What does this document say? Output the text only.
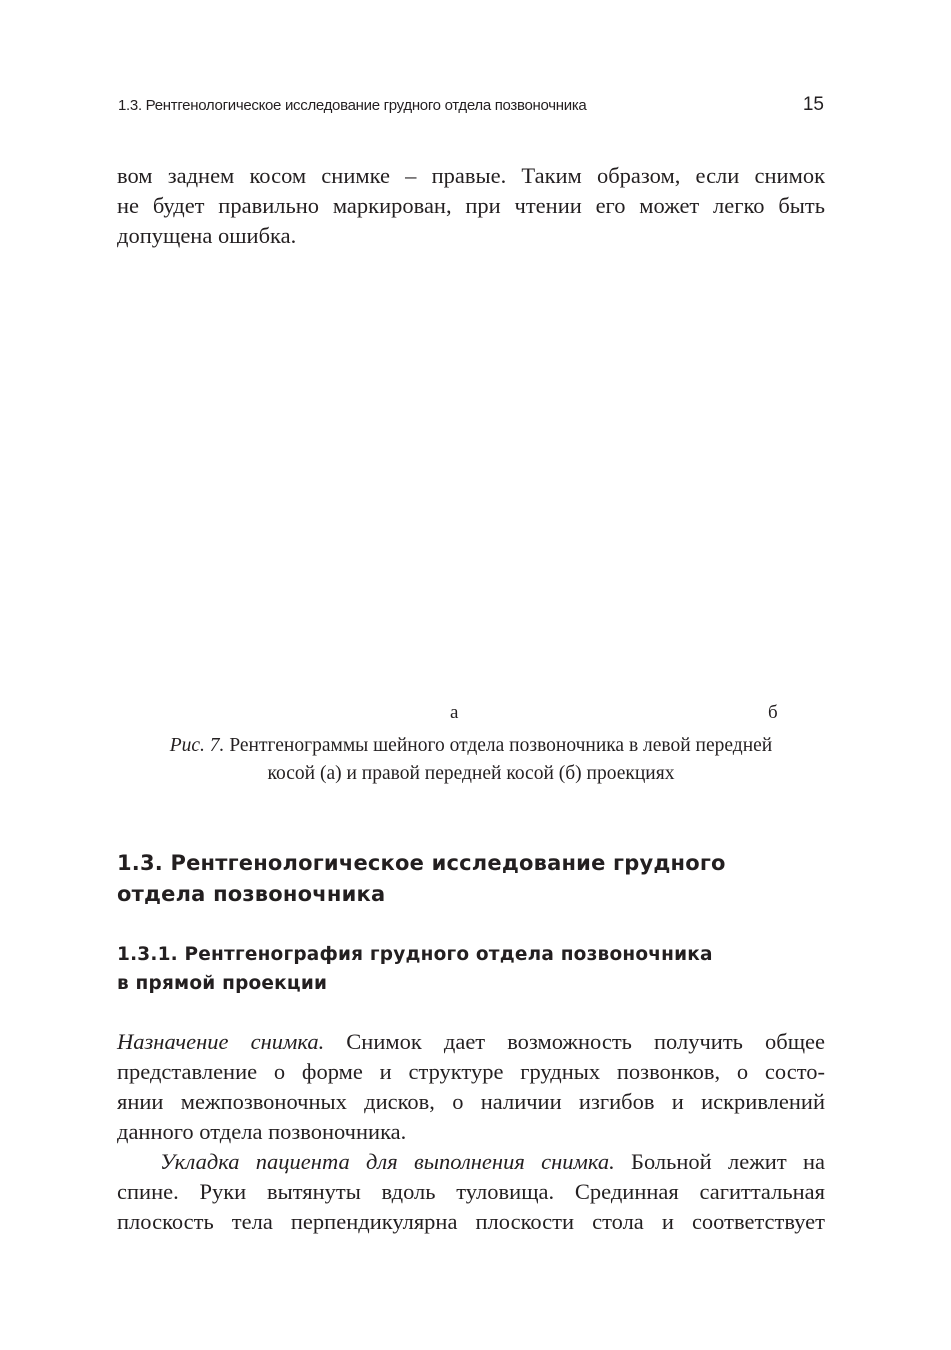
1.3. Рентгенологическое исследование грудного отдела позвоночника	15
вом заднем косом снимке – правые. Таким образом, если снимок
не будет правильно маркирован, при чтении его может легко быть
допущена ошибка.
а	б
Рис. 7. Рентгенограммы шейного отдела позвоночника в левой передней
косой (а) и правой передней косой (б) проекциях
1.3. Рентгенологическое исследование грудного
отдела позвоночника
1.3.1. Рентгенография грудного отдела позвоночника
в прямой проекции
Назначение снимка. Снимок дает возможность получить общее
представление о форме и структуре грудных позвонков, о состо-
янии межпозвоночных дисков, о наличии изгибов и искривлений
данного отдела позвоночника.
Укладка пациента для выполнения снимка. Больной лежит на
спине. Руки вытянуты вдоль туловища. Срединная сагиттальная
плоскость тела перпендикулярна плоскости стола и соответствует
